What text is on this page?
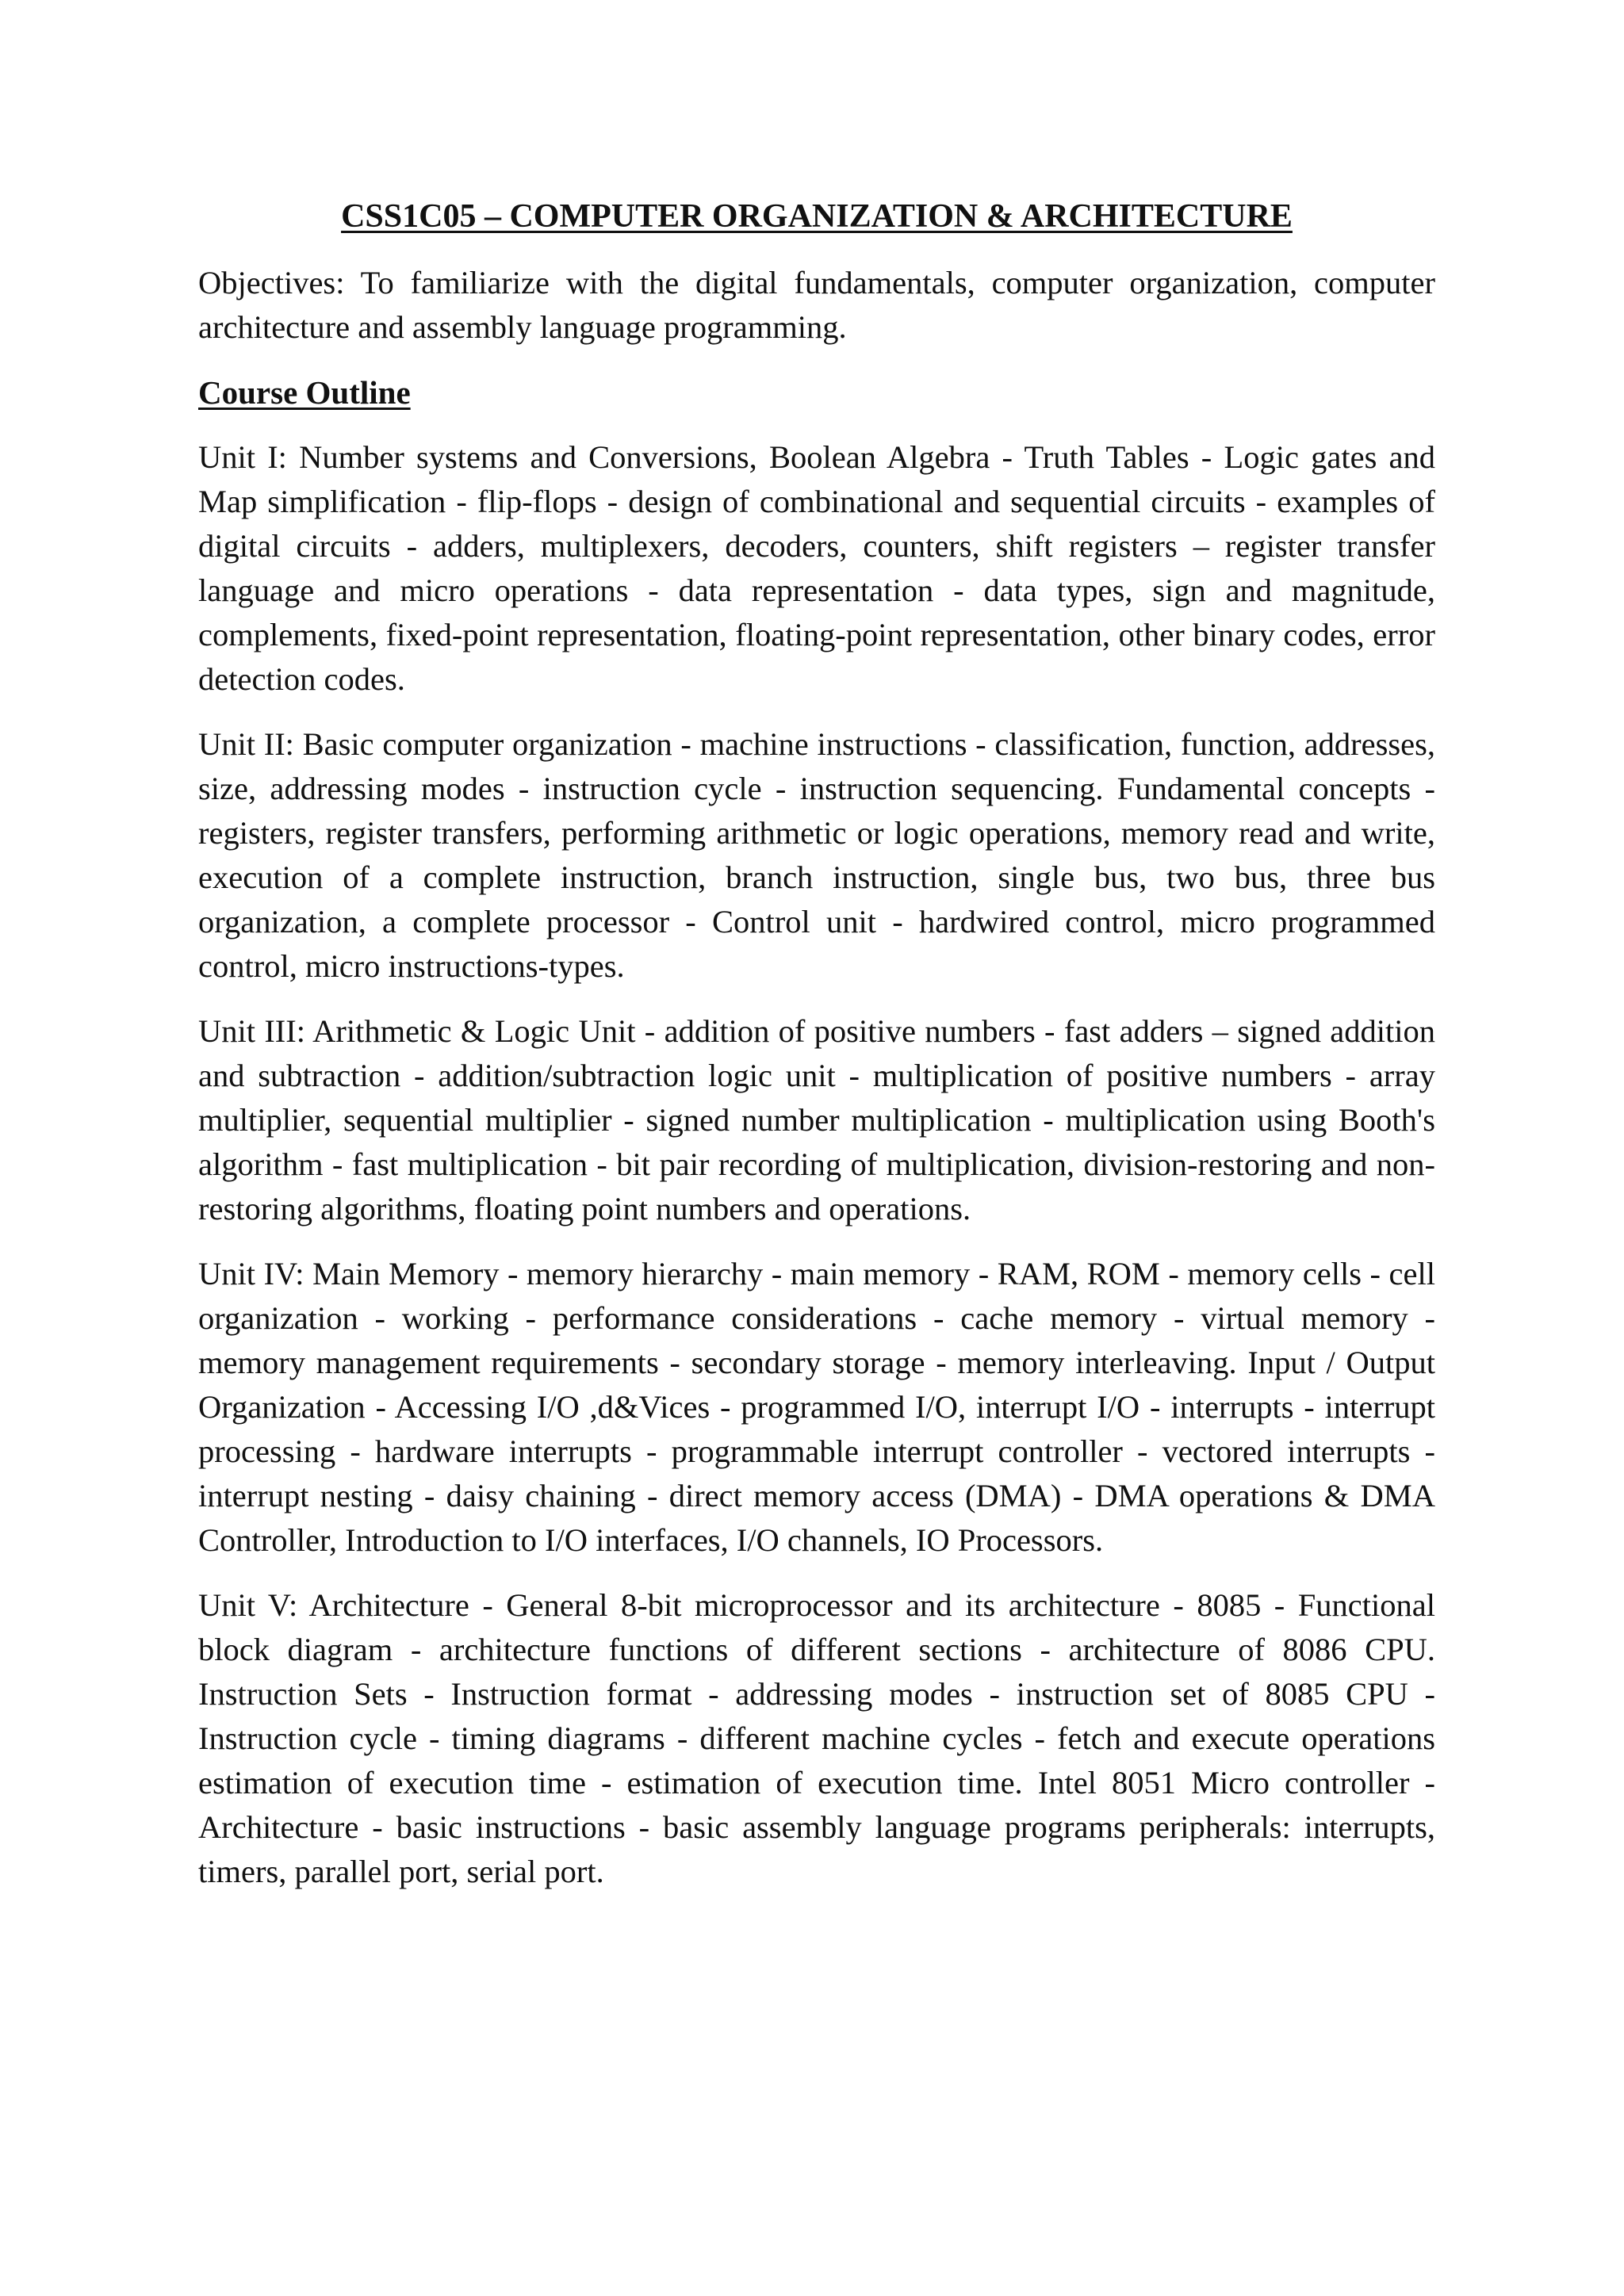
CSS1C05 – COMPUTER ORGANIZATION & ARCHITECTURE

Objectives: To familiarize with the digital fundamentals, computer organization, computer architecture and assembly language programming.

Course Outline

Unit I: Number systems and Conversions, Boolean Algebra - Truth Tables - Logic gates and Map simplification - flip-flops - design of combinational and sequential circuits - examples of digital circuits - adders, multiplexers, decoders, counters, shift registers – register transfer language and micro operations - data representation - data types, sign and magnitude, complements, fixed-point representation, floating-point representation, other binary codes, error detection codes.

Unit II: Basic computer organization - machine instructions - classification, function, addresses, size, addressing modes - instruction cycle - instruction sequencing. Fundamental concepts - registers, register transfers, performing arithmetic or logic operations, memory read and write, execution of a complete instruction, branch instruction, single bus, two bus, three bus organization, a complete processor - Control unit - hardwired control, micro programmed control, micro instructions-types.

Unit III: Arithmetic & Logic Unit - addition of positive numbers - fast adders – signed addition and subtraction - addition/subtraction logic unit - multiplication of positive numbers - array multiplier, sequential multiplier - signed number multiplication - multiplication using Booth's algorithm - fast multiplication - bit pair recording of multiplication, division-restoring and non-restoring algorithms, floating point numbers and operations.

Unit IV: Main Memory - memory hierarchy - main memory - RAM, ROM - memory cells - cell organization - working - performance considerations - cache memory - virtual memory - memory management requirements - secondary storage - memory interleaving. Input / Output Organization - Accessing I/O ,d&Vices - programmed I/O, interrupt I/O - interrupts - interrupt processing - hardware interrupts - programmable interrupt controller - vectored interrupts - interrupt nesting - daisy chaining - direct memory access (DMA) - DMA operations & DMA Controller, Introduction to I/O interfaces, I/O channels, IO Processors.

Unit V: Architecture - General 8-bit microprocessor and its architecture - 8085 - Functional block diagram - architecture functions of different sections - architecture of 8086 CPU. Instruction Sets - Instruction format - addressing modes - instruction set of 8085 CPU - Instruction cycle - timing diagrams - different machine cycles - fetch and execute operations estimation of execution time - estimation of execution time. Intel 8051 Micro controller - Architecture - basic instructions - basic assembly language programs peripherals: interrupts, timers, parallel port, serial port.
